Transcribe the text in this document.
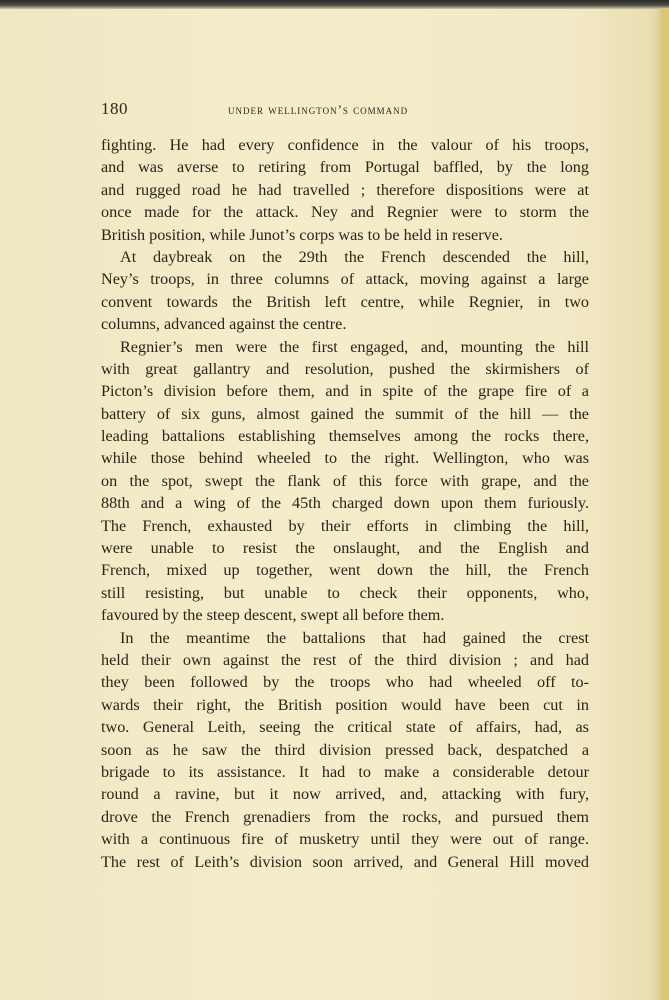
180	under wellington’s command
fighting. He had every confidence in the valour of his troops,
and was averse to retiring from Portugal baffled, by the long
and rugged road he had travelled ; therefore dispositions were at
once made for the attack. Ney and Regnier were to storm the
British position, while Junot’s corps was to be held in reserve.
At daybreak on the 29th the French descended the hill,
Ney’s troops, in three columns of attack, moving against a large
convent towards the British left centre, while Regnier, in two
columns, advanced against the centre.
Regnier’s men were the first engaged, and, mounting the hill
with great gallantry and resolution, pushed the skirmishers of
Picton’s division before them, and in spite of the grape fire of a
battery of six guns, almost gained the summit of the hill — the
leading battalions establishing themselves among the rocks there,
while those behind wheeled to the right. Wellington, who was
on the spot, swept the flank of this force with grape, and the
88th and a wing of the 45th charged down upon them furiously.
The French, exhausted by their efforts in climbing the hill,
were unable to resist the onslaught, and the English and
French, mixed up together, went down the hill, the French
still resisting, but unable to check their opponents, who,
favoured by the steep descent, swept all before them.
In the meantime the battalions that had gained the crest
held their own against the rest of the third division ; and had
they been followed by the troops who had wheeled off to-
wards their right, the British position would have been cut in
two. General Leith, seeing the critical state of affairs, had, as
soon as he saw the third division pressed back, despatched a
brigade to its assistance. It had to make a considerable detour
round a ravine, but it now arrived, and, attacking with fury,
drove the French grenadiers from the rocks, and pursued them
with a continuous fire of musketry until they were out of range.
The rest of Leith’s division soon arrived, and General Hill moved
